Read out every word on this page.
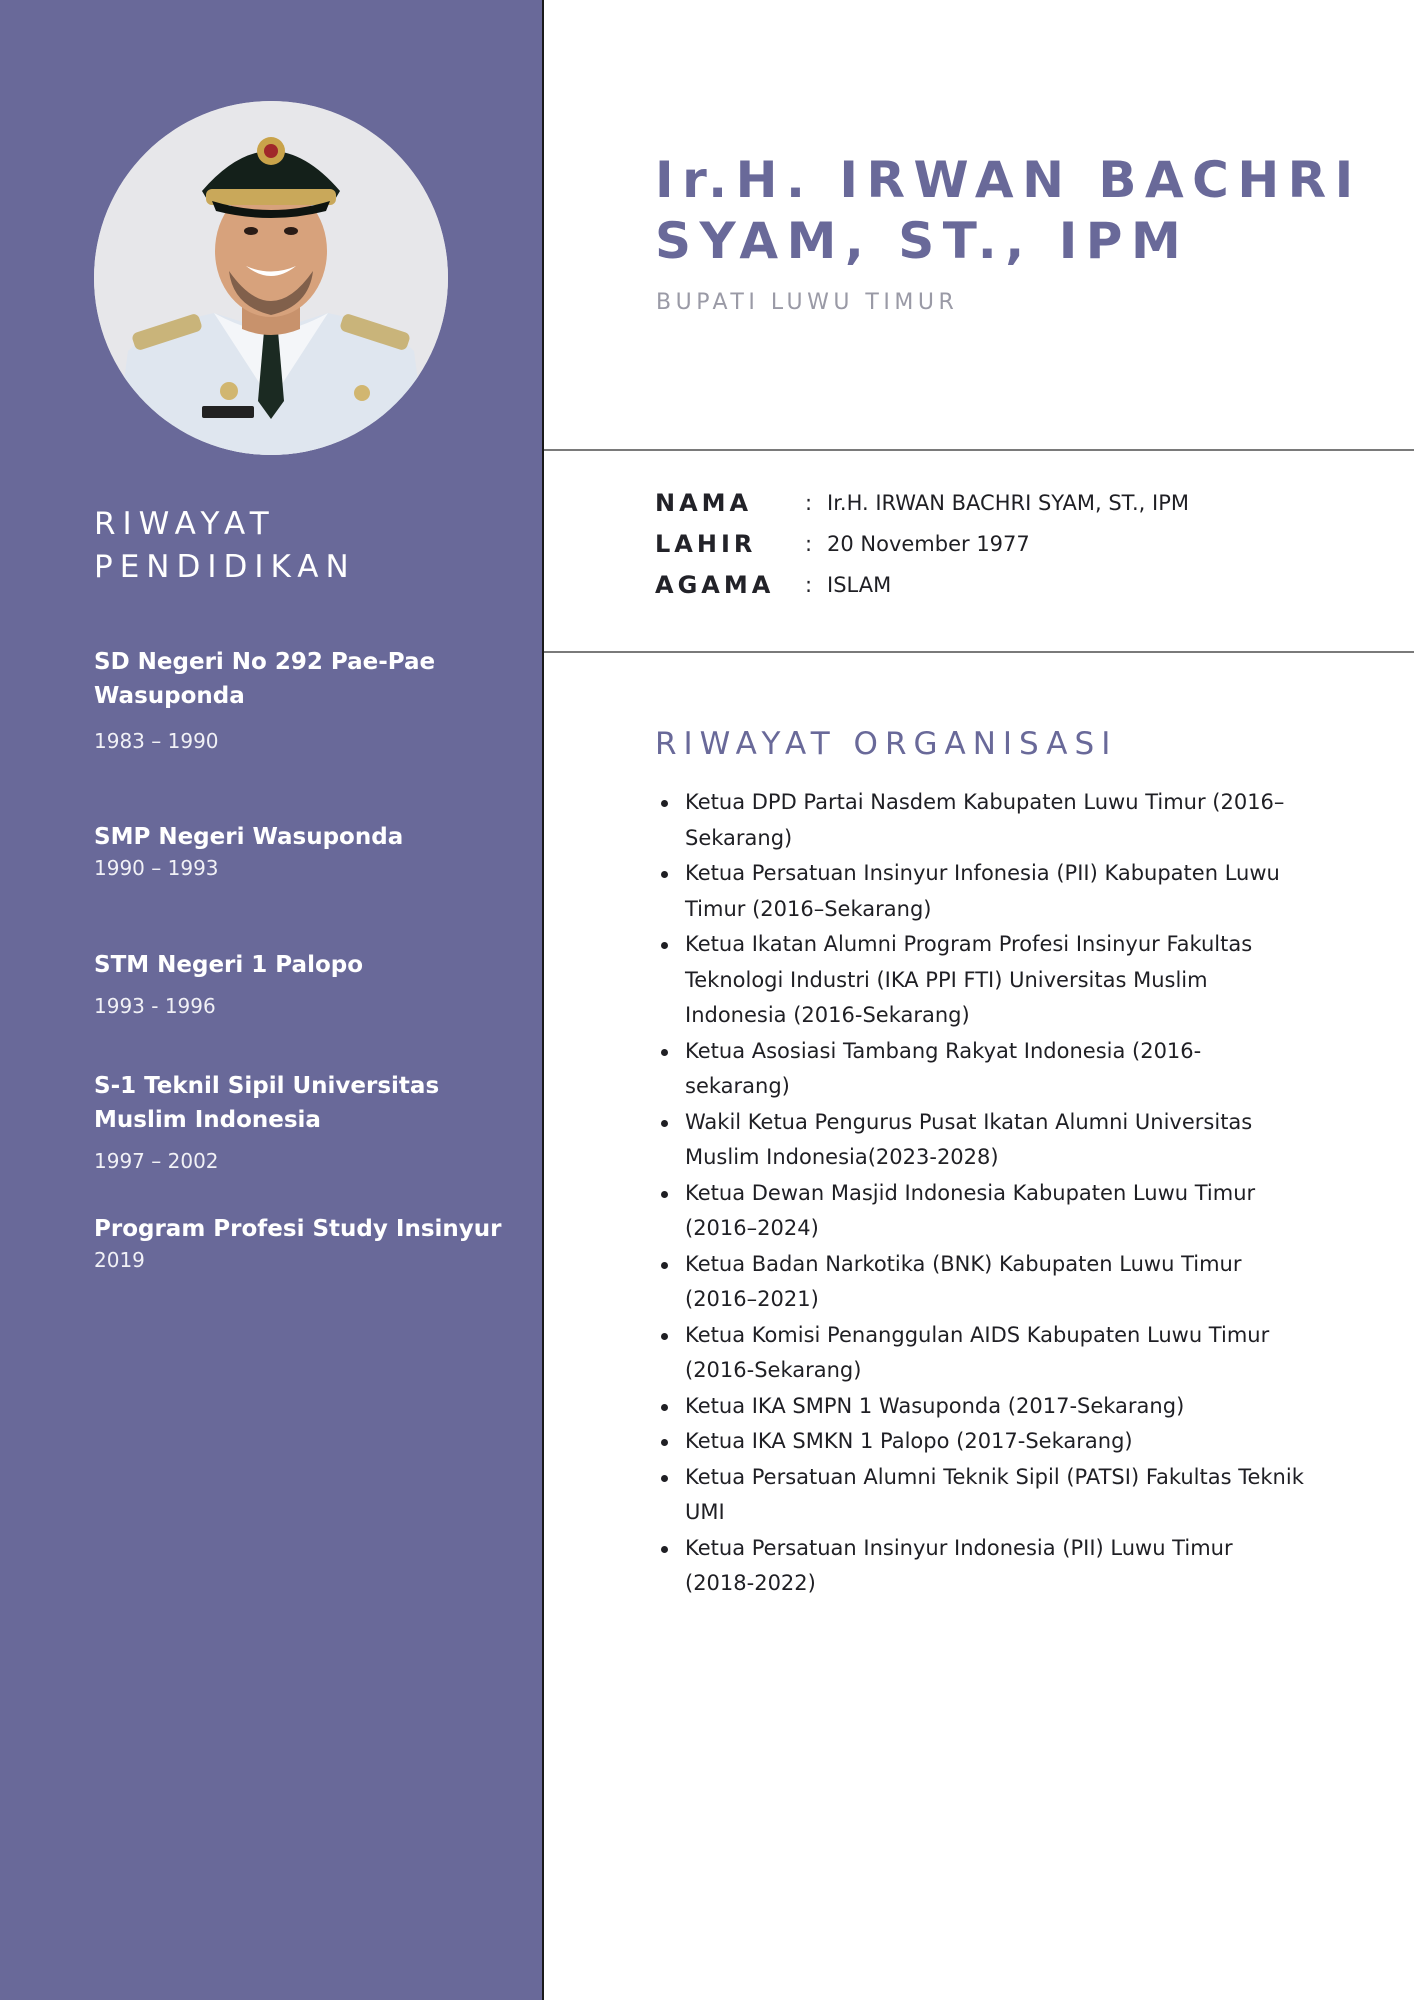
RIWAYAT PENDIDIKAN
SD Negeri No 292 Pae-Pae Wasuponda
1983 – 1990
SMP Negeri Wasuponda
1990 – 1993
STM Negeri 1 Palopo
1993 - 1996
S-1 Teknil Sipil Universitas Muslim Indonesia
1997 – 2002
Program Profesi Study Insinyur
2019
Ir.H. IRWAN BACHRI SYAM, ST., IPM
BUPATI LUWU TIMUR
NAMA	: Ir.H. IRWAN BACHRI SYAM, ST., IPM
LAHIR	: 20 November 1977
AGAMA	: ISLAM
RIWAYAT ORGANISASI
Ketua DPD Partai Nasdem Kabupaten Luwu Timur (2016–Sekarang)
Ketua Persatuan Insinyur Infonesia (PII) Kabupaten Luwu Timur (2016–Sekarang)
Ketua Ikatan Alumni Program Profesi Insinyur Fakultas Teknologi Industri (IKA PPI FTI) Universitas Muslim Indonesia (2016-Sekarang)
Ketua Asosiasi Tambang Rakyat Indonesia (2016-sekarang)
Wakil Ketua Pengurus Pusat Ikatan Alumni Universitas Muslim Indonesia(2023-2028)
Ketua Dewan Masjid Indonesia Kabupaten Luwu Timur (2016–2024)
Ketua Badan Narkotika (BNK) Kabupaten Luwu Timur (2016–2021)
Ketua Komisi Penanggulan AIDS Kabupaten Luwu Timur (2016-Sekarang)
Ketua IKA SMPN 1 Wasuponda (2017-Sekarang)
Ketua IKA SMKN 1 Palopo (2017-Sekarang)
Ketua Persatuan Alumni Teknik Sipil (PATSI) Fakultas Teknik UMI
Ketua Persatuan Insinyur Indonesia (PII) Luwu Timur (2018-2022)
